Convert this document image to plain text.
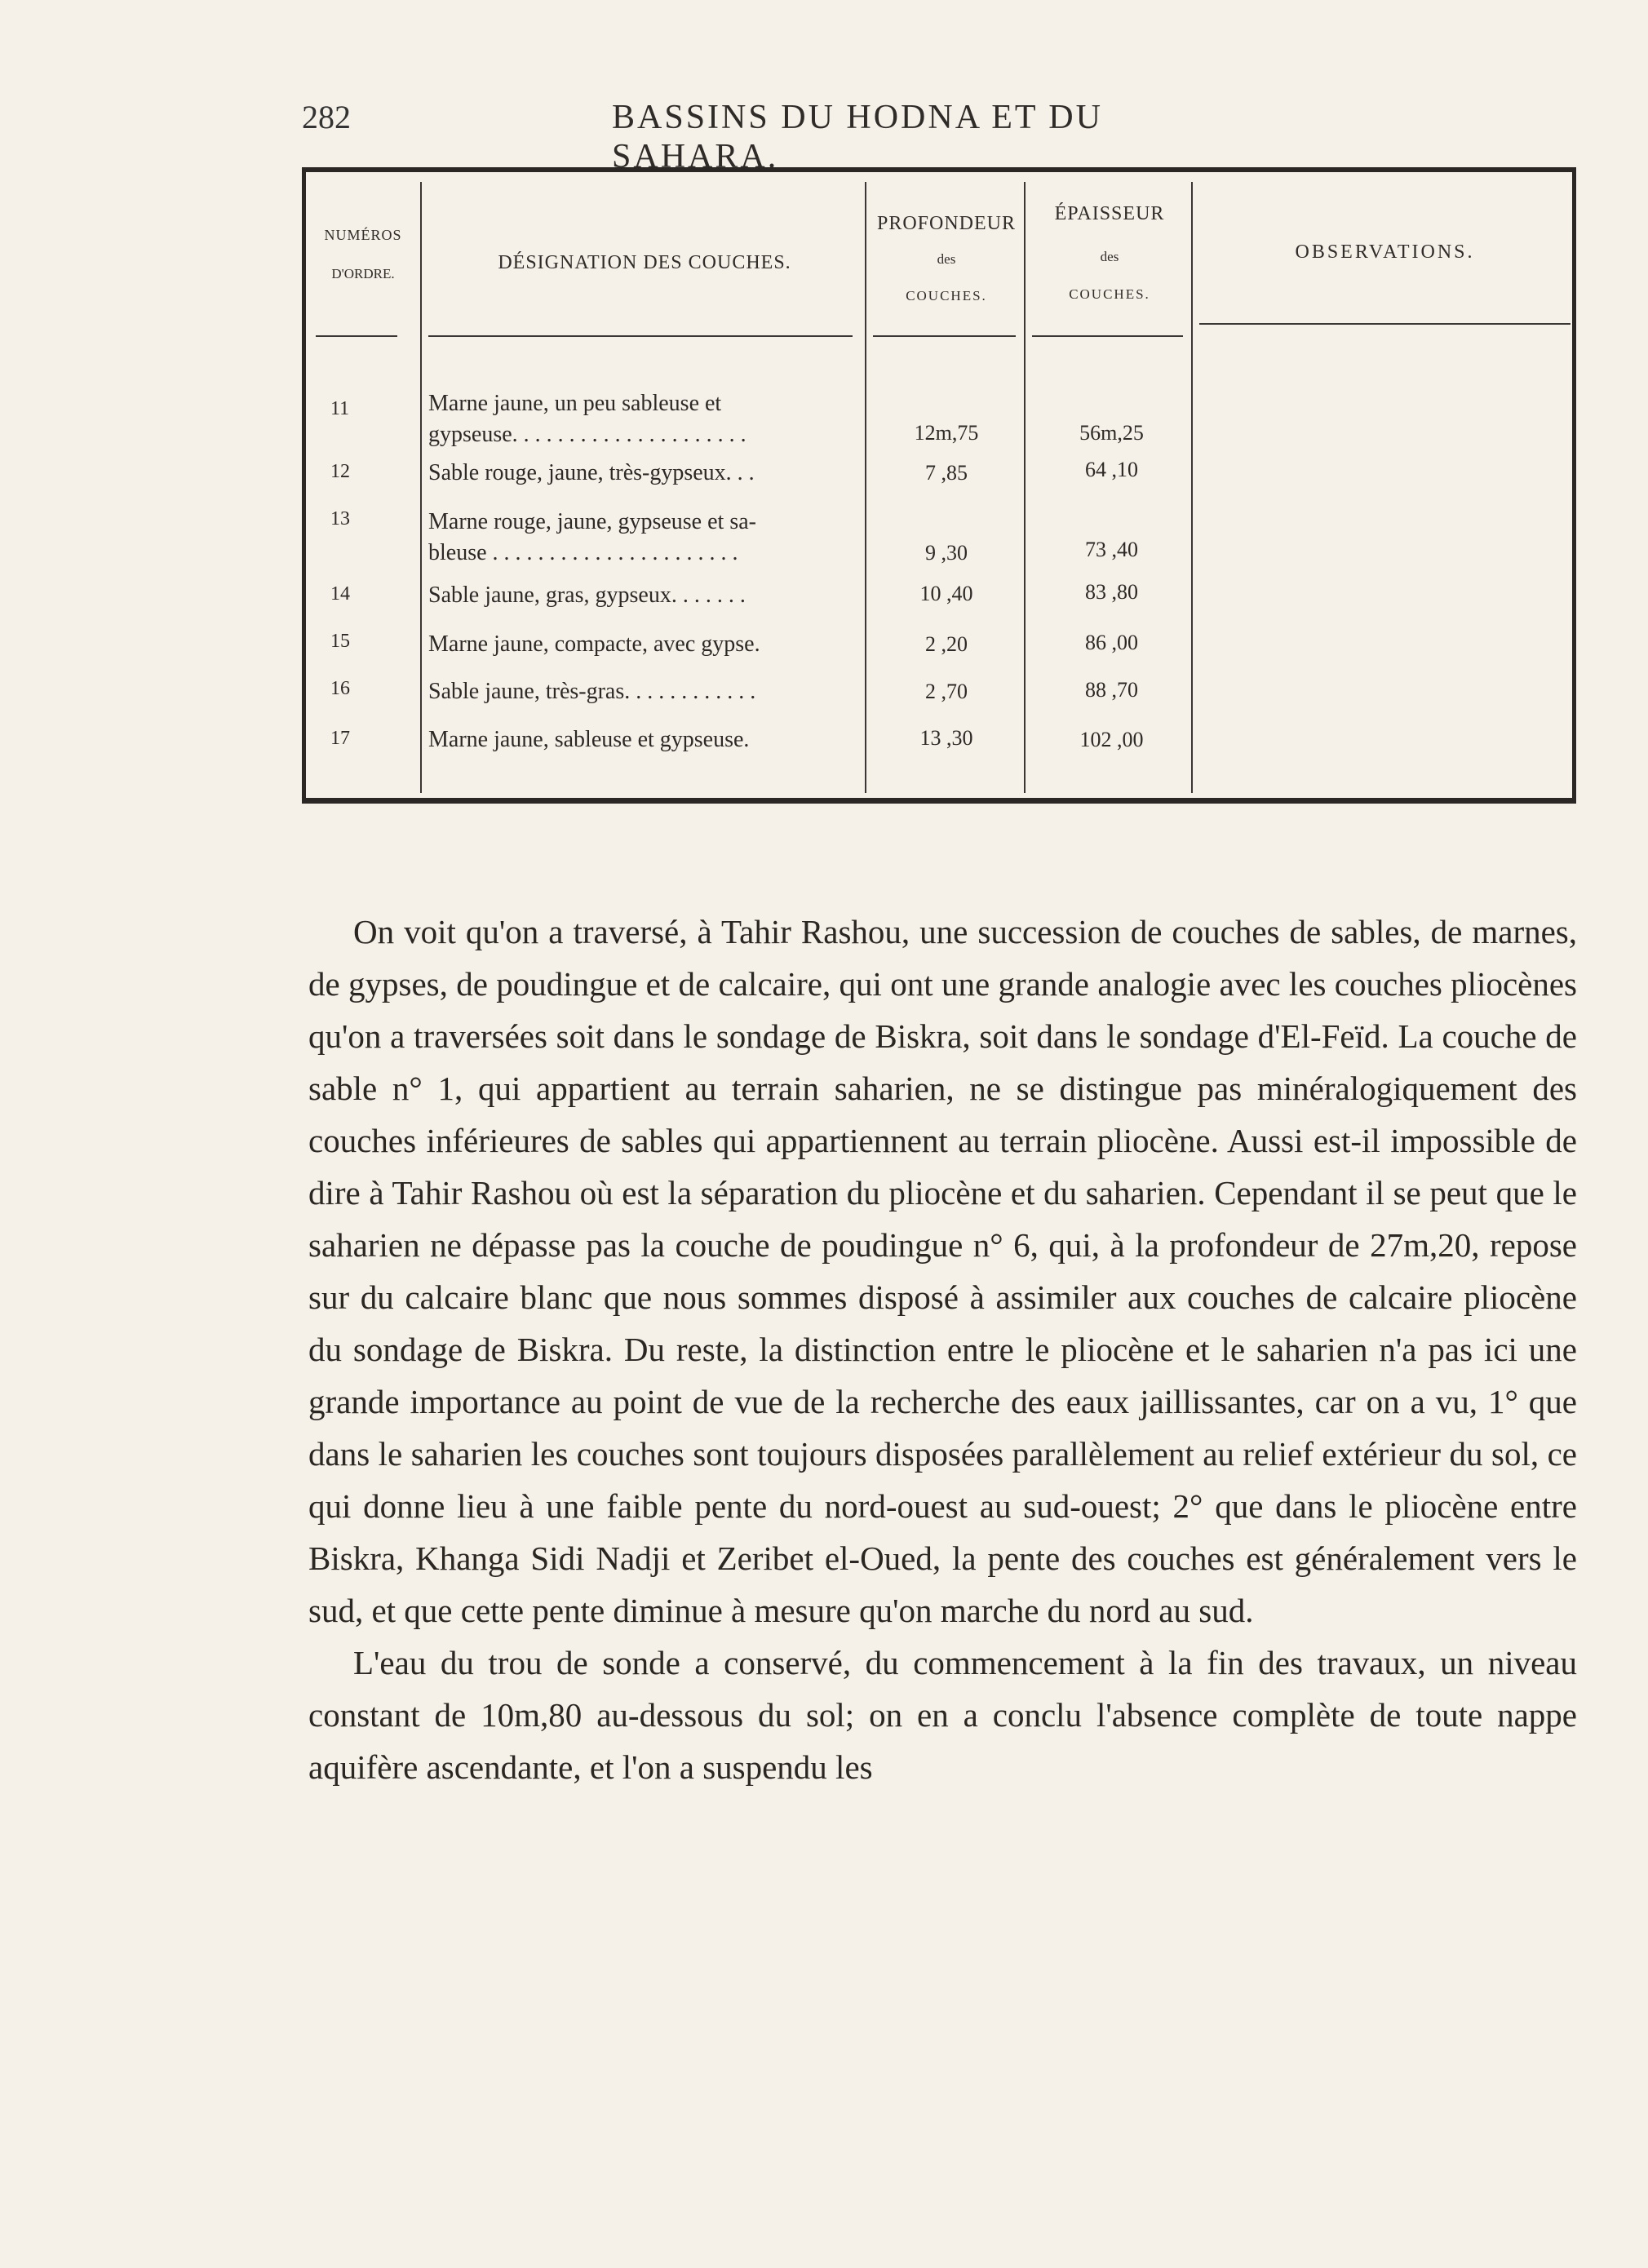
282	BASSINS DU HODNA ET DU SAHARA.
NUMÉROS
D'ORDRE.
DÉSIGNATION DES COUCHES.
PROFONDEUR
des
COUCHES.
ÉPAISSEUR
des
COUCHES.
OBSERVATIONS.
11	Marne jaune, un peu sableuse et
gypseuse. . . . . . . . . . . . . . . . . . . . .	12m,75	56m,25
12	Sable rouge, jaune, très-gypseux. . .	7 ,85	64 ,10
13	Marne rouge, jaune, gypseuse et sa-
bleuse . . . . . . . . . . . . . . . . . . . . . .	9 ,30	73 ,40
14	Sable jaune, gras, gypseux. . . . . . .	10 ,40	83 ,80
15	Marne jaune, compacte, avec gypse.	2 ,20	86 ,00
16	Sable jaune, très-gras. . . . . . . . . . . .	2 ,70	88 ,70
17	Marne jaune, sableuse et gypseuse.	13 ,30	102 ,00

On voit qu'on a traversé, à Tahir Rashou, une succession de couches de sables, de marnes, de gypses, de poudingue et de calcaire, qui ont une grande analogie avec les couches pliocènes qu'on a traversées soit dans le sondage de Biskra, soit dans le sondage d'El-Feïd. La couche de sable n° 1, qui appartient au terrain saharien, ne se distingue pas minéralogiquement des couches inférieures de sables qui appartiennent au terrain pliocène. Aussi est-il impossible de dire à Tahir Rashou où est la séparation du pliocène et du saharien. Cependant il se peut que le saharien ne dépasse pas la couche de poudingue n° 6, qui, à la profondeur de 27m,20, repose sur du calcaire blanc que nous sommes disposé à assimiler aux couches de calcaire pliocène du sondage de Biskra. Du reste, la distinction entre le pliocène et le saharien n'a pas ici une grande importance au point de vue de la recherche des eaux jaillissantes, car on a vu, 1° que dans le saharien les couches sont toujours disposées parallèlement au relief extérieur du sol, ce qui donne lieu à une faible pente du nord-ouest au sud-ouest; 2° que dans le pliocène entre Biskra, Khanga Sidi Nadji et Zeribet el-Oued, la pente des couches est généralement vers le sud, et que cette pente diminue à mesure qu'on marche du nord au sud.

L'eau du trou de sonde a conservé, du commencement à la fin des travaux, un niveau constant de 10m,80 au-dessous du sol; on en a conclu l'absence complète de toute nappe aquifère ascendante, et l'on a suspendu les
